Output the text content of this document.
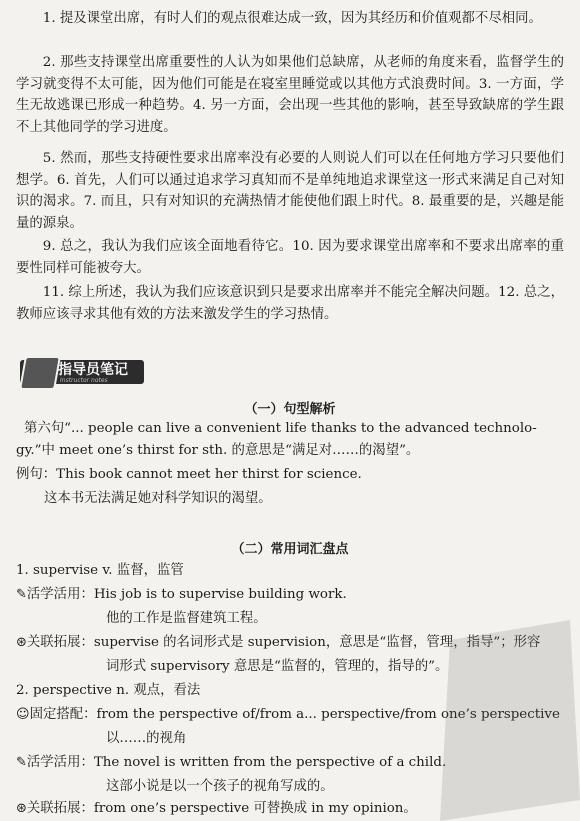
1. 提及课堂出席，有时人们的观点很难达成一致，因为其经历和价值观都不尽相同。

2. 那些支持课堂出席重要性的人认为如果他们总缺席，从老师的角度来看，监督学生的学习就变得不太可能，因为他们可能是在寝室里睡觉或以其他方式浪费时间。3. 一方面，学生无故逃课已形成一种趋势。4. 另一方面，会出现一些其他的影响，甚至导致缺席的学生跟不上其他同学的学习进度。

5. 然而，那些支持硬性要求出席率没有必要的人则说人们可以在任何地方学习只要他们想学。6. 首先，人们可以通过追求学习真知而不是单纯地追求课堂这一形式来满足自己对知识的渴求。7. 而且，只有对知识的充满热情才能使他们跟上时代。8. 最重要的是，兴趣是能量的源泉。

9. 总之，我认为我们应该全面地看待它。10. 因为要求课堂出席率和不要求出席率的重要性同样可能被夸大。

11. 综上所述，我认为我们应该意识到只是要求出席率并不能完全解决问题。12. 总之，教师应该寻求其他有效的方法来激发学生的学习热情。

指导员笔记
Instructor notes
（一）句型解析

第六句“... people can live a convenient life thanks to the advanced technolo-

gy.”中 meet one’s thirst for sth. 的意思是“满足对……的渴望”。

例句：This book cannot meet her thirst for science.

这本书无法满足她对科学知识的渴望。

（二）常用词汇盘点

1. supervise v. 监督，监管

✎活学活用：His job is to supervise building work.

他的工作是监督建筑工程。

⊛关联拓展：supervise 的名词形式是 supervision，意思是“监督，管理，指导”；形容

词形式 supervisory 意思是“监督的，管理的，指导的”。

2. perspective n. 观点，看法

☺固定搭配：from the perspective of/from a... perspective/from one’s perspective

以……的视角

✎活学活用：The novel is written from the perspective of a child.

这部小说是以一个孩子的视角写成的。

⊛关联拓展：from one’s perspective 可替换成 in my opinion。
